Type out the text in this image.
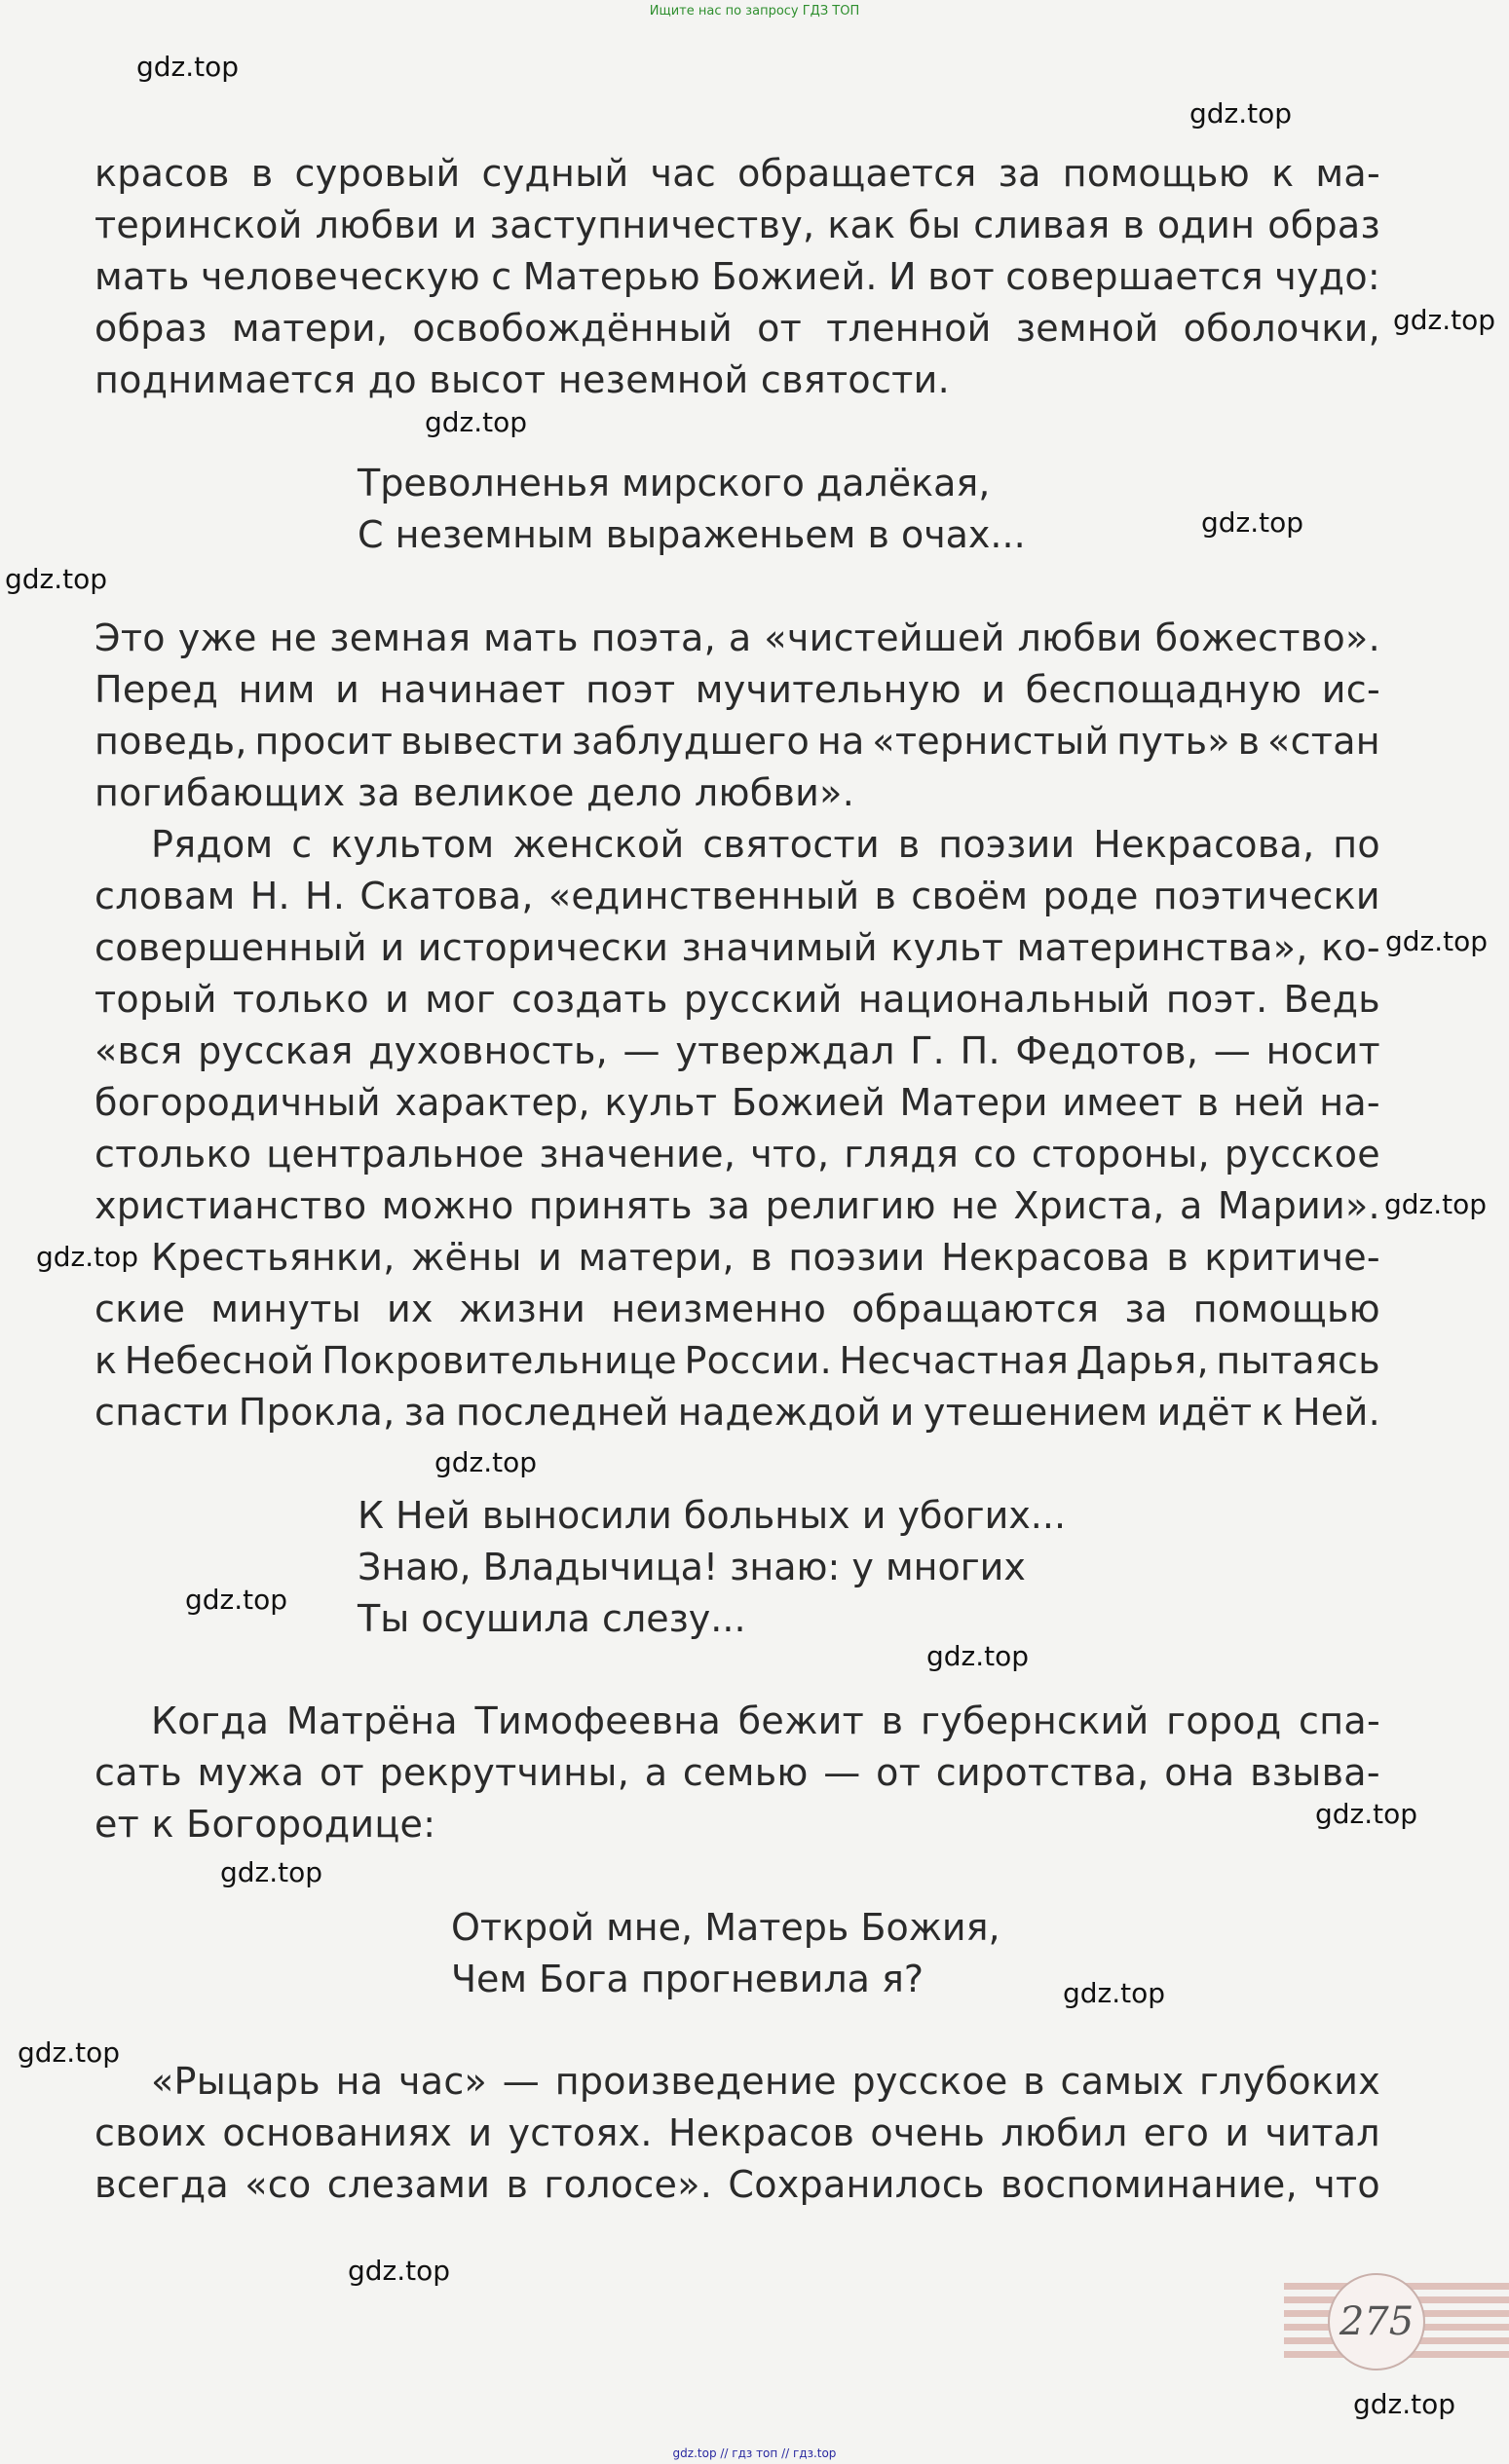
Ищите нас по запросу ГДЗ ТОП
красов в суровый судный час обращается за помощью к ма-
теринской любви и заступничеству, как бы сливая в один образ
мать человеческую с Матерью Божией. И вот совершается чудо:
образ матери, освобождённый от тленной земной оболочки,
поднимается до высот неземной святости.
Треволненья мирского далёкая,
С неземным выраженьем в очах...
Это уже не земная мать поэта, а «чистейшей любви божество».
Перед ним и начинает поэт мучительную и беспощадную ис-
поведь, просит вывести заблудшего на «тернистый путь» в «стан
погибающих за великое дело любви».
Рядом с культом женской святости в поэзии Некрасова, по
словам Н. Н. Скатова, «единственный в своём роде поэтически
совершенный и исторически значимый культ материнства», ко-
торый только и мог создать русский национальный поэт. Ведь
«вся русская духовность, — утверждал Г. П. Федотов, — носит
богородичный характер, культ Божией Матери имеет в ней на-
столько центральное значение, что, глядя со стороны, русское
христианство можно принять за религию не Христа, а Марии».
Крестьянки, жёны и матери, в поэзии Некрасова в критиче-
ские минуты их жизни неизменно обращаются за помощью
к Небесной Покровительнице России. Несчастная Дарья, пытаясь
спасти Прокла, за последней надеждой и утешением идёт к Ней.
К Ней выносили больных и убогих...
Знаю, Владычица! знаю: у многих
Ты осушила слезу...
Когда Матрёна Тимофеевна бежит в губернский город спа-
сать мужа от рекрутчины, а семью — от сиротства, она взыва-
ет к Богородице:
Открой мне, Матерь Божия,
Чем Бога прогневила я?
«Рыцарь на час» — произведение русское в самых глубоких
своих основаниях и устоях. Некрасов очень любил его и читал
всегда «со слезами в голосе». Сохранилось воспоминание, что
gdz.top
gdz.top
gdz.top
gdz.top
gdz.top
gdz.top
gdz.top
gdz.top
gdz.top
gdz.top
gdz.top
gdz.top
gdz.top
gdz.top
gdz.top
gdz.top
gdz.top
gdz.top
275
gdz.top // гдз топ // гдз.top
